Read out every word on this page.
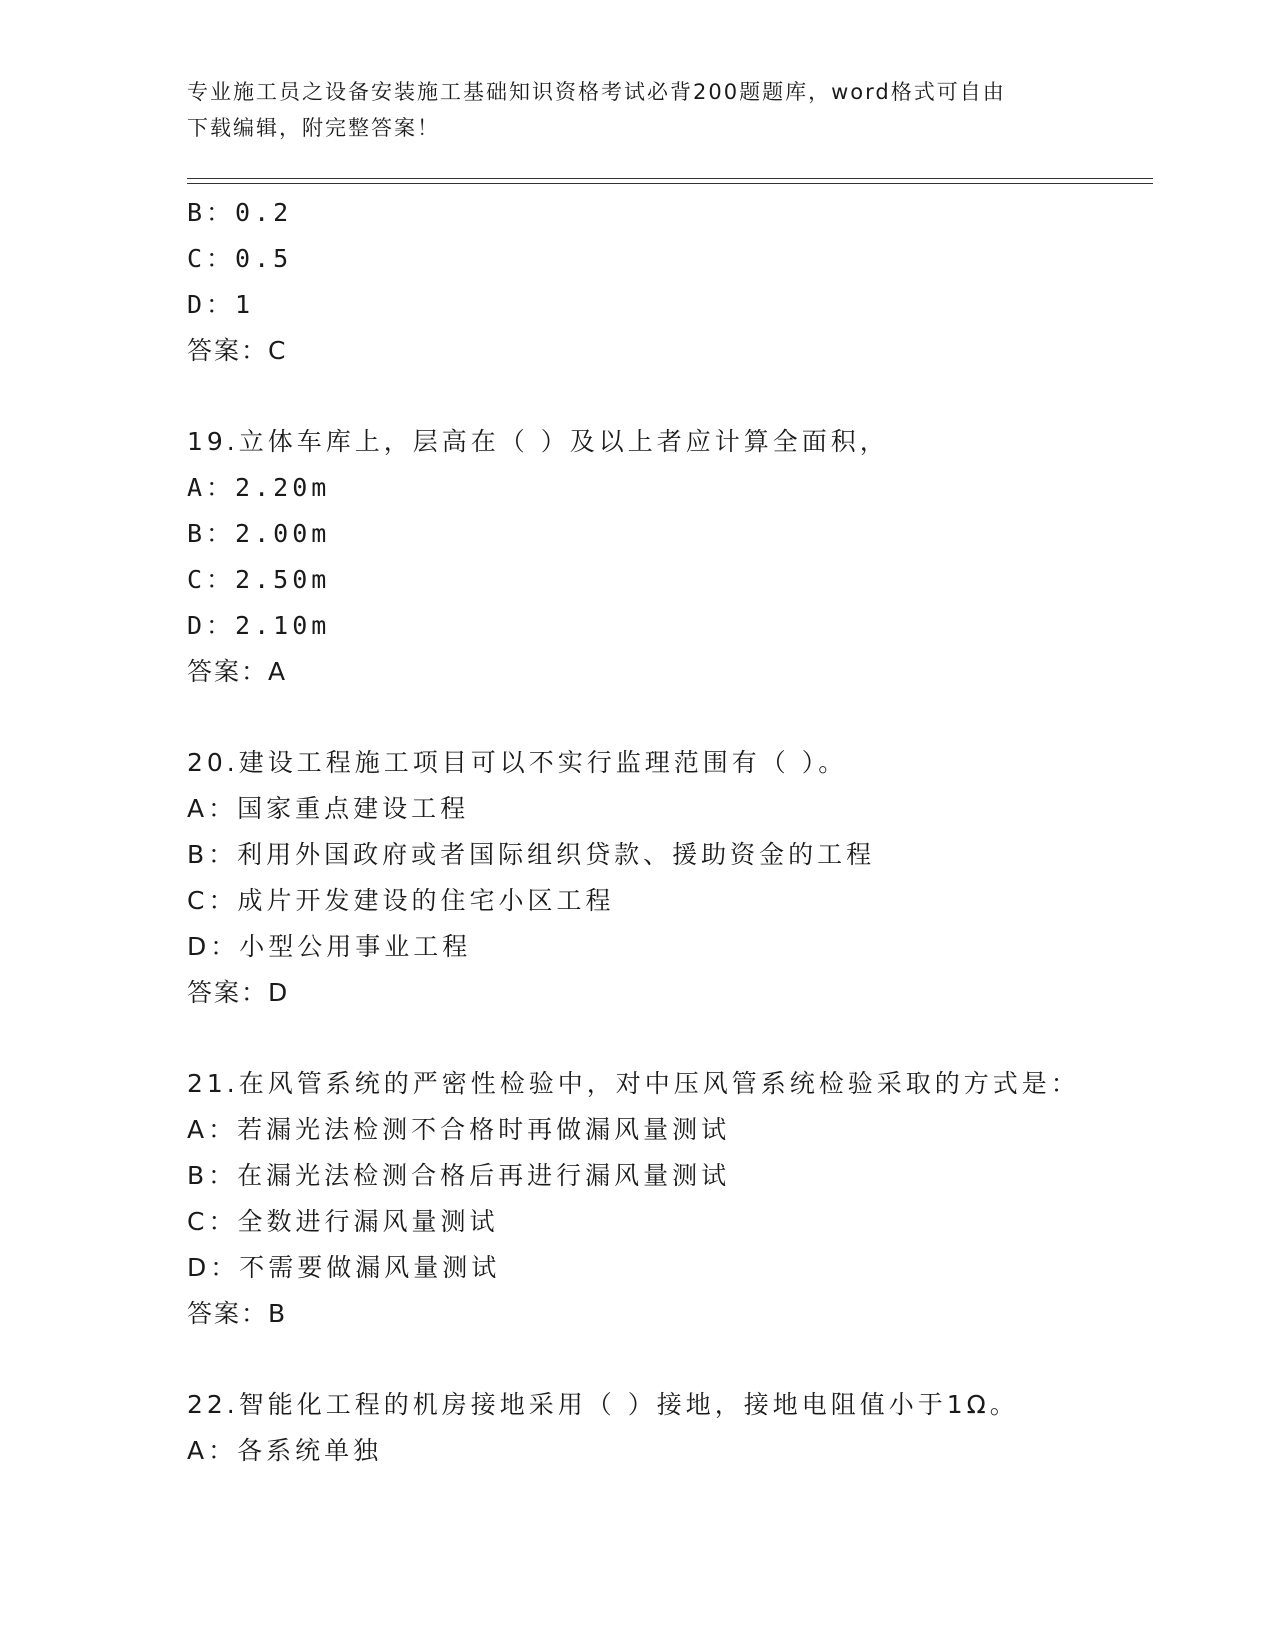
专业施工员之设备安装施工基础知识资格考试必背200题题库，word格式可自由
下载编辑，附完整答案！
B：0.2
C：0.5
D：1
答案：C
19.立体车库上，层高在（ ）及以上者应计算全面积，
A：2.20m
B：2.00m
C：2.50m
D：2.10m
答案：A
20.建设工程施工项目可以不实行监理范围有（ ）。
A：国家重点建设工程
B：利用外国政府或者国际组织贷款、援助资金的工程
C：成片开发建设的住宅小区工程
D：小型公用事业工程
答案：D
21.在风管系统的严密性检验中，对中压风管系统检验采取的方式是：
A：若漏光法检测不合格时再做漏风量测试
B：在漏光法检测合格后再进行漏风量测试
C：全数进行漏风量测试
D：不需要做漏风量测试
答案：B
22.智能化工程的机房接地采用（ ）接地，接地电阻值小于1Ω。
A：各系统单独
